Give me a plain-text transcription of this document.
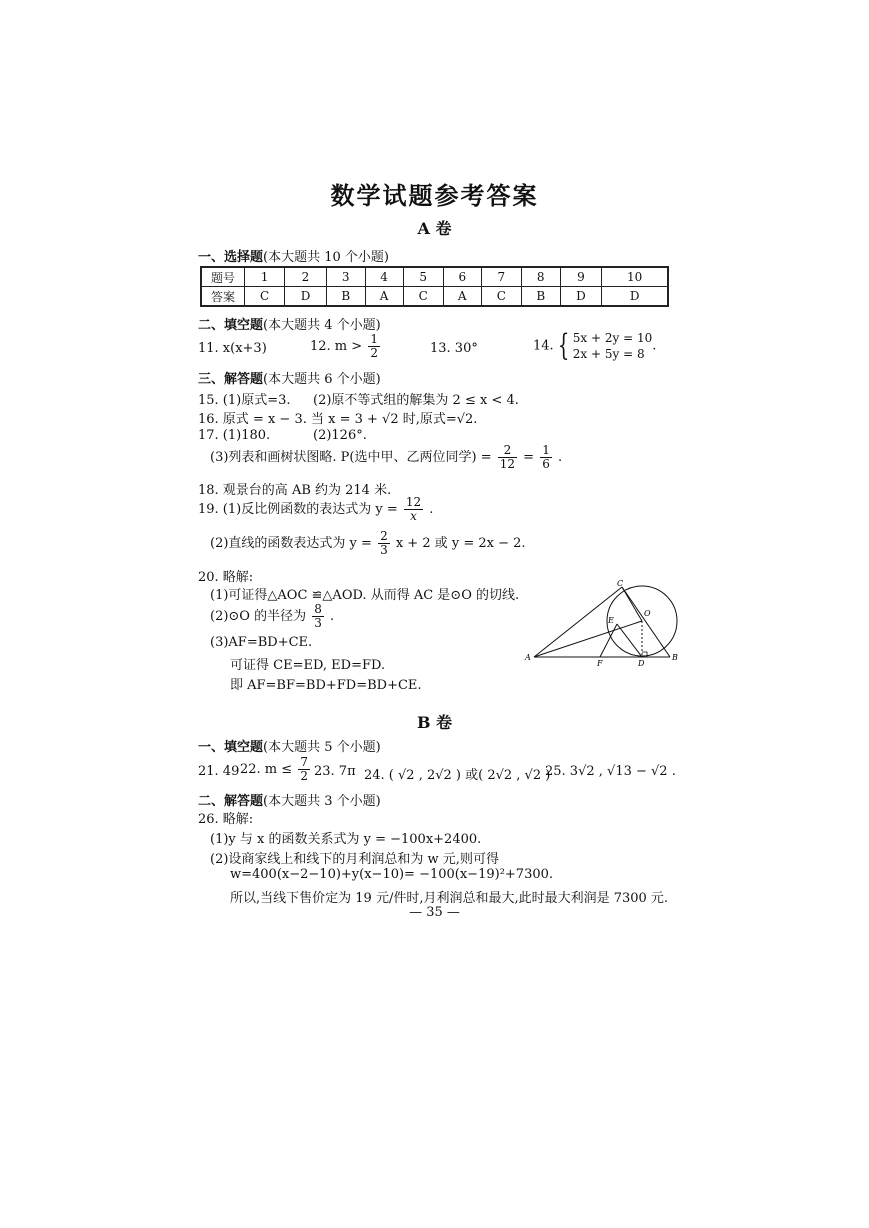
数学试题参考答案
A 卷
一、选择题(本大题共 10 个小题)
题号	1	2	3	4	5	6	7	8	9	10
答案	C	D	B	A	C	A	C	B	D	D
二、填空题(本大题共 4 个小题)
11. x(x+3)	12. $m > \frac{1}{2}$	13. 30°	14. { 5x + 2y = 10
2x + 5y = 8
.
三、解答题(本大题共 6 个小题)
15. (1)原式=3. (2)原不等式组的解集为 2 ≤ x < 4.
16. 原式 = x − 3. 当 x = 3 + √2 时,原式=√2.
17. (1)180.	(2)126°.
(3)列表和画树状图略. P(选中甲、乙两位同学) = $\frac{2}{12} = \frac{1}{6}$ .
18. 观景台的高 AB 约为 214 米.
19. (1)反比例函数的表达式为 $y = \frac{12}{x}$ .
(2)直线的函数表达式为 $y = \frac{2}{3}$ x + 2 或 y = 2x − 2.
20. 略解:
(1)可证得△AOC ≌△AOD. 从而得 AC 是⊙O 的切线.
(2)⊙O 的半径为 $\frac{8}{3}$ .
(3)AF=BD+CE.
可证得 CE=ED, ED=FD.
即 AF=BF=BD+FD=BD+CE.
A	B
C
D
E
F
O
B 卷
一、填空题(本大题共 5 个小题)
21. 49 22. $m \le \frac{7}{2} 23$. 7π 24. ( √2 , 2√2 ) 或( 2√2 , √2 )
25. 3√2 , √13 − √2 .
二、解答题(本大题共 3 个小题)
26. 略解:
(1)y 与 x 的函数关系式为 y = −100x+2400.
(2)设商家线上和线下的月利润总和为 w 元,则可得
w=400(x−2−10)+y(x−10)= −100(x−19)²+7300.
所以,当线下售价定为 19 元/件时,月利润总和最大,此时最大利润是 7300 元.
— 35 —
